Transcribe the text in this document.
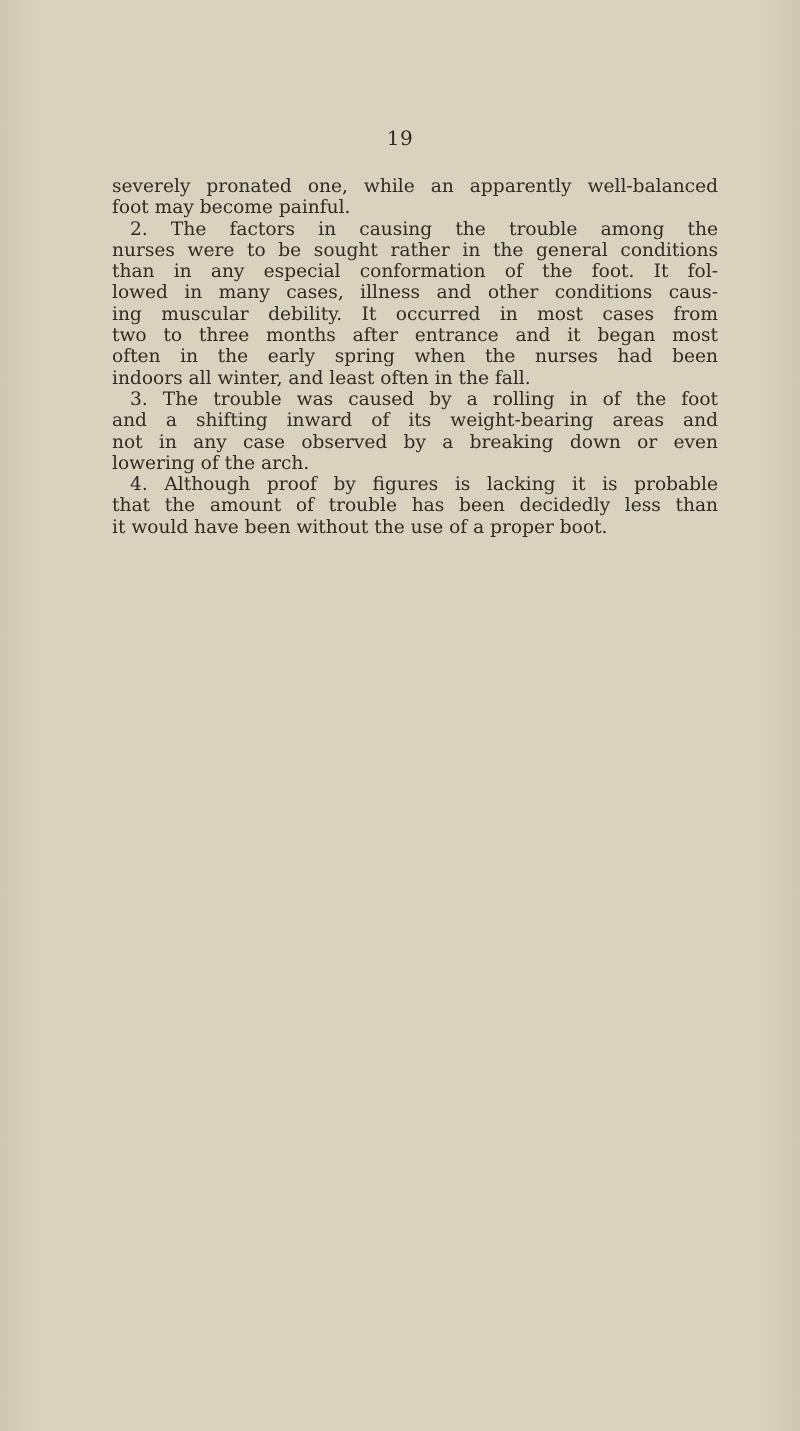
19
severely pronated one, while an apparently well-balanced
foot may become painful.
2. The factors in causing the trouble among the
nurses were to be sought rather in the general conditions
than in any especial conformation of the foot. It fol-
lowed in many cases, illness and other conditions caus-
ing muscular debility. It occurred in most cases from
two to three months after entrance and it began most
often in the early spring when the nurses had been
indoors all winter, and least often in the fall.
3. The trouble was caused by a rolling in of the foot
and a shifting inward of its weight-bearing areas and
not in any case observed by a breaking down or even
lowering of the arch.
4. Although proof by figures is lacking it is probable
that the amount of trouble has been decidedly less than
it would have been without the use of a proper boot.
